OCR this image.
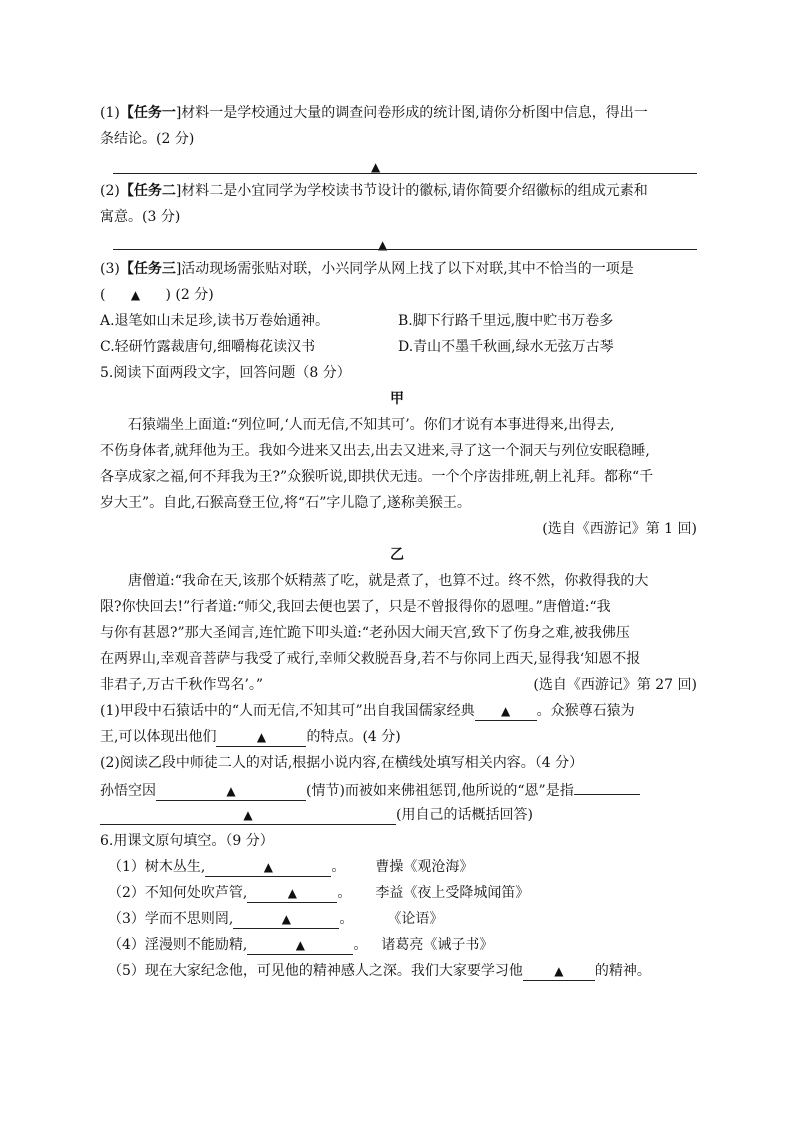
(1)【任务一]材料一是学校通过大量的调查问卷形成的统计图,请你分析图中信息，得出一
条结论。(2 分)
▲
(2)【任务二]材料二是小宜同学为学校读书节设计的徽标,请你简要介绍徽标的组成元素和
寓意。(3 分)
▲
(3)【任务三]活动现场需张贴对联，小兴同学从网上找了以下对联,其中不恰当的一项是
( ▲ ) (2 分)
A.退笔如山未足珍,读书万卷始通神。	B.脚下行路千里远,腹中贮书万卷多
C.轻研竹露裁唐句,细嚼梅花读汉书	D.青山不墨千秋画,绿水无弦万古琴
5.阅读下面两段文字，回答问题（8 分）
甲
石猿端坐上面道:“列位呵,‘人而无信,不知其可’。你们才说有本事进得来,出得去,
不伤身体者,就拜他为王。我如今进来又出去,出去又进来,寻了这一个洞天与列位安眠稳睡,
各享成家之福,何不拜我为王?”众猴听说,即拱伏无违。一个个序齿排班,朝上礼拜。都称“千
岁大王”。自此,石猴高登王位,将“石”字儿隐了,遂称美猴王。
(选自《西游记》第 1 回)
乙
唐僧道:“我命在天,该那个妖精蒸了吃，就是煮了，也算不过。终不然，你救得我的大
限?你快回去!”行者道:“师父,我回去便也罢了，只是不曾报得你的恩哩。”唐僧道:“我
与你有甚恩?”那大圣闻言,连忙跪下叩头道:“老孙因大闹天宫,致下了伤身之难,被我佛压
在两界山,幸观音菩萨与我受了戒行,幸师父救脱吾身,若不与你同上西天,显得我‘知恩不报
非君子,万古千秋作骂名’。”	(选自《西游记》第 27 回)
(1)甲段中石猿话中的“人而无信,不知其可”出自我国儒家经典 ▲ 。众猴尊石猿为
王,可以体现出他们	▲	的特点。(4 分)
(2)阅读乙段中师徒二人的对话,根据小说内容,在横线处填写相关内容。（4 分）
孙悟空因	▲	(情节)而被如来佛祖惩罚,他所说的“恩”是指
▲	(用自己的话概括回答)
6.用课文原句填空。（9 分）
（1）树木丛生,	▲	。 曹操《观沧海》
（2）不知何处吹芦管,	▲	。 李益《夜上受降城闻笛》
（3）学而不思则罔,	▲	。 《论语》
（4）淫漫则不能励精,	▲	。 诸葛亮《诫子书》
（5）现在大家纪念他，可见他的精神感人之深。我们大家要学习他	▲ 的精神。
